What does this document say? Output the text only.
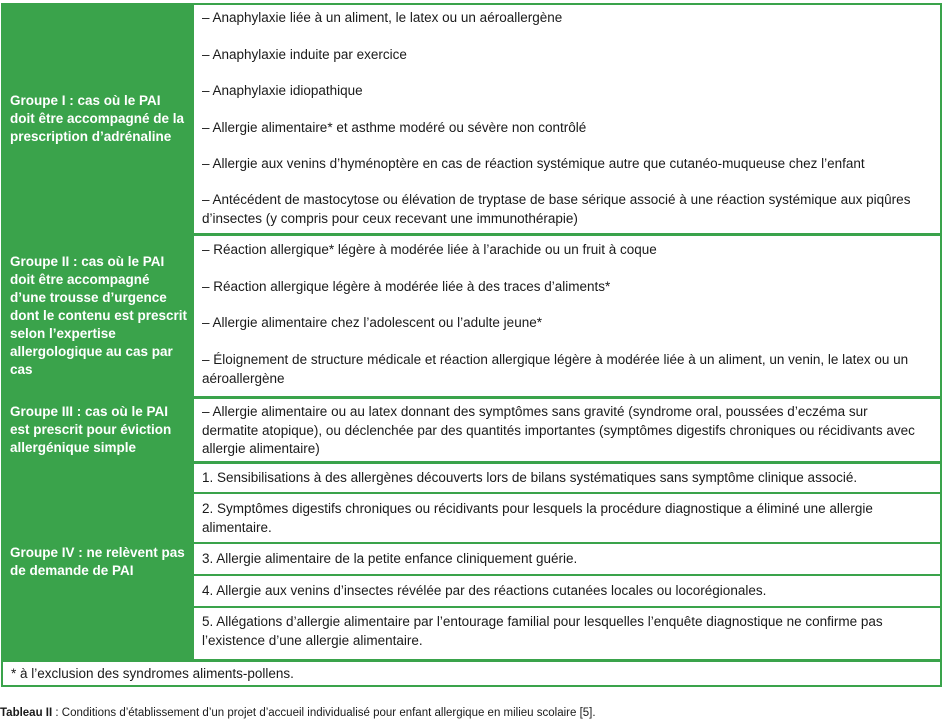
Groupe I : cas où le PAI doit être accompagné de la prescription d’adrénaline
– Anaphylaxie liée à un aliment, le latex ou un aéroallergène
– Anaphylaxie induite par exercice
– Anaphylaxie idiopathique
– Allergie alimentaire* et asthme modéré ou sévère non contrôlé
– Allergie aux venins d’hyménoptère en cas de réaction systémique autre que cutanéo-muqueuse chez l’enfant
– Antécédent de mastocytose ou élévation de tryptase de base sérique associé à une réaction systémique aux piqûres d’insectes (y compris pour ceux recevant une immunothérapie)
Groupe II : cas où le PAI doit être accompagné d’une trousse d’urgence dont le contenu est prescrit selon l’expertise allergologique au cas par cas
– Réaction allergique* légère à modérée liée à l’arachide ou un fruit à coque
– Réaction allergique légère à modérée liée à des traces d’aliments*
– Allergie alimentaire chez l’adolescent ou l’adulte jeune*
– Éloignement de structure médicale et réaction allergique légère à modérée liée à un aliment, un venin, le latex ou un aéroallergène
Groupe III : cas où le PAI est prescrit pour éviction allergénique simple
– Allergie alimentaire ou au latex donnant des symptômes sans gravité (syndrome oral, poussées d’eczéma sur dermatite atopique), ou déclenchée par des quantités importantes (symptômes digestifs chroniques ou récidivants avec allergie alimentaire)
Groupe IV : ne relèvent pas de demande de PAI
1. Sensibilisations à des allergènes découverts lors de bilans systématiques sans symptôme clinique associé.
2. Symptômes digestifs chroniques ou récidivants pour lesquels la procédure diagnostique a éliminé une allergie alimentaire.
3. Allergie alimentaire de la petite enfance cliniquement guérie.
4. Allergie aux venins d’insectes révélée par des réactions cutanées locales ou locorégionales.
5. Allégations d’allergie alimentaire par l’entourage familial pour lesquelles l’enquête diagnostique ne confirme pas l’existence d’une allergie alimentaire.
* à l’exclusion des syndromes aliments-pollens.
Tableau II : Conditions d’établissement d’un projet d’accueil individualisé pour enfant allergique en milieu scolaire [5].
